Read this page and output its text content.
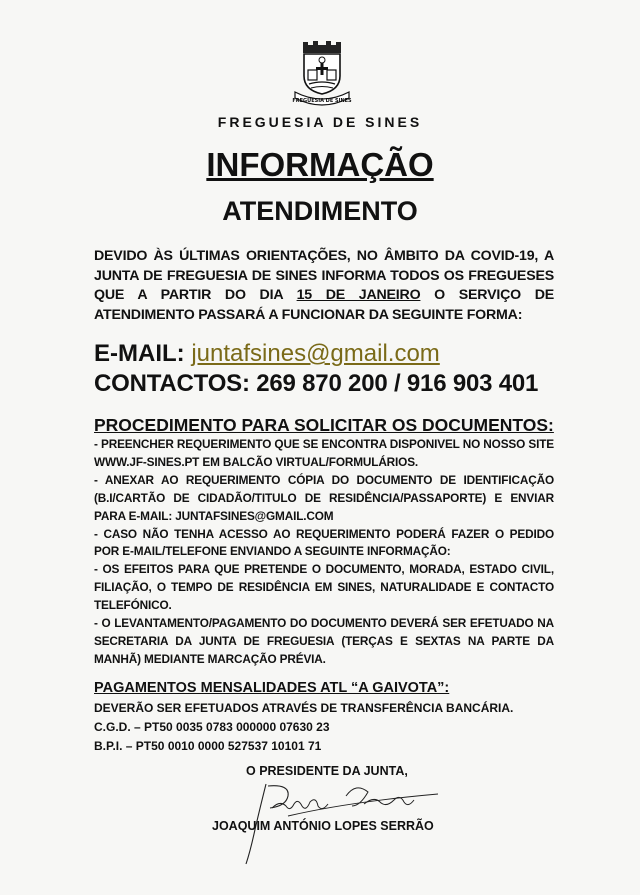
FREGUESIA DE SINES
FREGUESIA DE SINES
INFORMAÇÃO
ATENDIMENTO
DEVIDO ÀS ÚLTIMAS ORIENTAÇÕES, NO ÂMBITO DA COVID-19, A JUNTA DE FREGUESIA DE SINES INFORMA TODOS OS FREGUESES QUE A PARTIR DO DIA 15 DE JANEIRO O SERVIÇO DE ATENDIMENTO PASSARÁ A FUNCIONAR DA SEGUINTE FORMA:
E-MAIL: juntafsines@gmail.com
CONTACTOS: 269 870 200 / 916 903 401
PROCEDIMENTO PARA SOLICITAR OS DOCUMENTOS:

- PREENCHER REQUERIMENTO QUE SE ENCONTRA DISPONIVEL NO NOSSO SITE WWW.JF-SINES.PT EM BALCÃO VIRTUAL/FORMULÁRIOS.

- ANEXAR AO REQUERIMENTO CÓPIA DO DOCUMENTO DE IDENTIFICAÇÃO (B.I/CARTÃO DE CIDADÃO/TITULO DE RESIDÊNCIA/PASSAPORTE) E ENVIAR PARA E-MAIL: JUNTAFSINES@GMAIL.COM

- CASO NÃO TENHA ACESSO AO REQUERIMENTO PODERÁ FAZER O PEDIDO POR E-MAIL/TELEFONE ENVIANDO A SEGUINTE INFORMAÇÃO:

- OS EFEITOS PARA QUE PRETENDE O DOCUMENTO, MORADA, ESTADO CIVIL, FILIAÇÃO, O TEMPO DE RESIDÊNCIA EM SINES, NATURALIDADE E CONTACTO TELEFÓNICO.

- O LEVANTAMENTO/PAGAMENTO DO DOCUMENTO DEVERÁ SER EFETUADO NA SECRETARIA DA JUNTA DE FREGUESIA (TERÇAS E SEXTAS NA PARTE DA MANHÃ) MEDIANTE MARCAÇÃO PRÉVIA.

PAGAMENTOS MENSALIDADES ATL “A GAIVOTA”:
DEVERÃO SER EFETUADOS ATRAVÉS DE TRANSFERÊNCIA BANCÁRIA.
C.G.D. – PT50 0035 0783 000000 07630 23
B.P.I. – PT50 0010 0000 527537 10101 71
O PRESIDENTE DA JUNTA,
JOAQUIM ANTÓNIO LOPES SERRÃO
